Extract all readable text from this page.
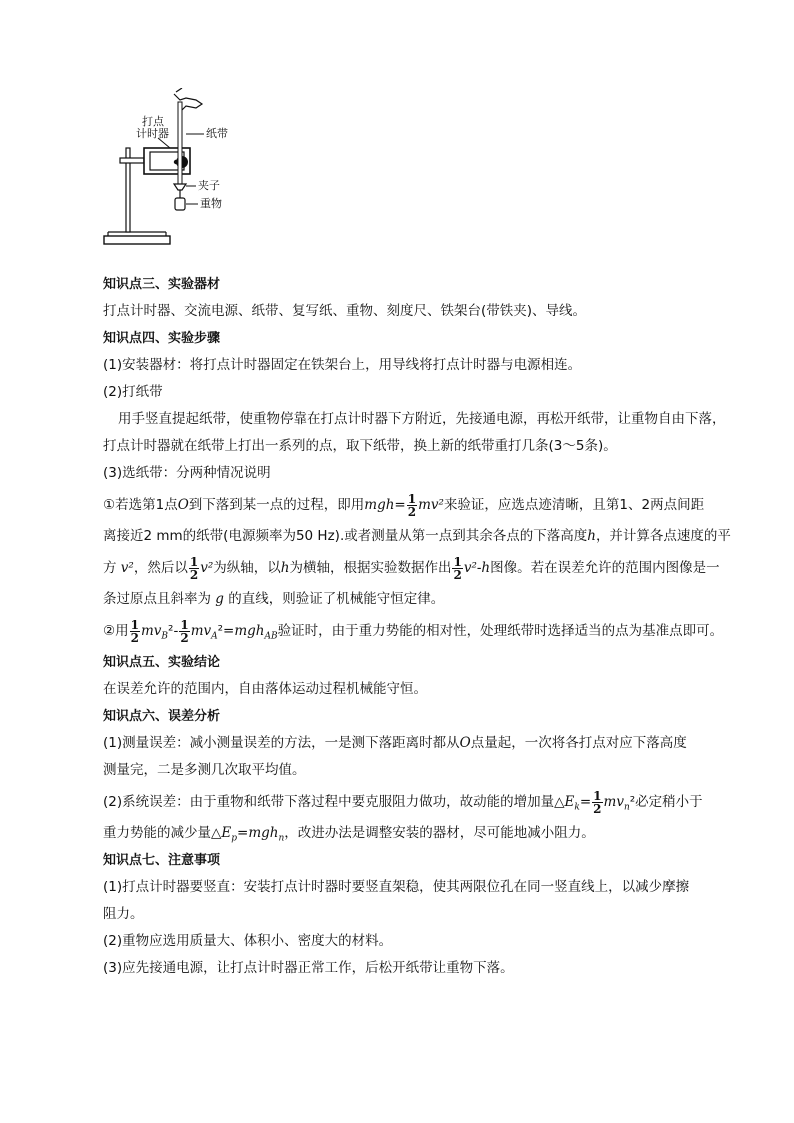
打点
计时器	纸带
夹子
重物
知识点三、实验器材
打点计时器、交流电源、纸带、复写纸、重物、刻度尺、铁架台(带铁夹)、导线。
知识点四、实验步骤
(1)安装器材：将打点计时器固定在铁架台上，用导线将打点计时器与电源相连。
(2)打纸带
用手竖直提起纸带，使重物停靠在打点计时器下方附近，先接通电源，再松开纸带，让重物自由下落，
打点计时器就在纸带上打出一系列的点，取下纸带，换上新的纸带重打几条(3～5条)。
(3)选纸带：分两种情况说明
①若选第1点O到下落到某一点的过程，即用$mgh= \frac{1}{2} mv^2$来验证，应选点迹清晰，且第1、2两点间距
离接近2 mm的纸带(电源频率为50 Hz).或者测量从第一点到其余各点的下落高度h，并计算各点速度的平
方 v²，然后以 $\frac{1}{2} v^2$为纵轴，以h为横轴，根据实验数据作出 $\frac{1}{2} v^2-h$图像。若在误差允许的范围内图像是一
条过原点且斜率为 g 的直线，则验证了机械能守恒定律。
②用 $\frac{1}{2} mv_B^2- \frac{1}{2} mv_A^2=mgh_{AB}$验证时，由于重力势能的相对性，处理纸带时选择适当的点为基准点即可。
知识点五、实验结论
在误差允许的范围内，自由落体运动过程机械能守恒。
知识点六、误差分析
(1)测量误差：减小测量误差的方法，一是测下落距离时都从O点量起，一次将各打点对应下落高度
测量完，二是多测几次取平均值。
(2)系统误差：由于重物和纸带下落过程中要克服阻力做功，故动能的增加量$\triangle E_k= \frac{1}{2} mv_n^2$必定稍小于
重力势能的减少量$\triangle E_p=mgh_n$，改进办法是调整安装的器材，尽可能地减小阻力。
知识点七、注意事项
(1)打点计时器要竖直：安装打点计时器时要竖直架稳，使其两限位孔在同一竖直线上，以减少摩擦
阻力。
(2)重物应选用质量大、体积小、密度大的材料。
(3)应先接通电源，让打点计时器正常工作，后松开纸带让重物下落。
